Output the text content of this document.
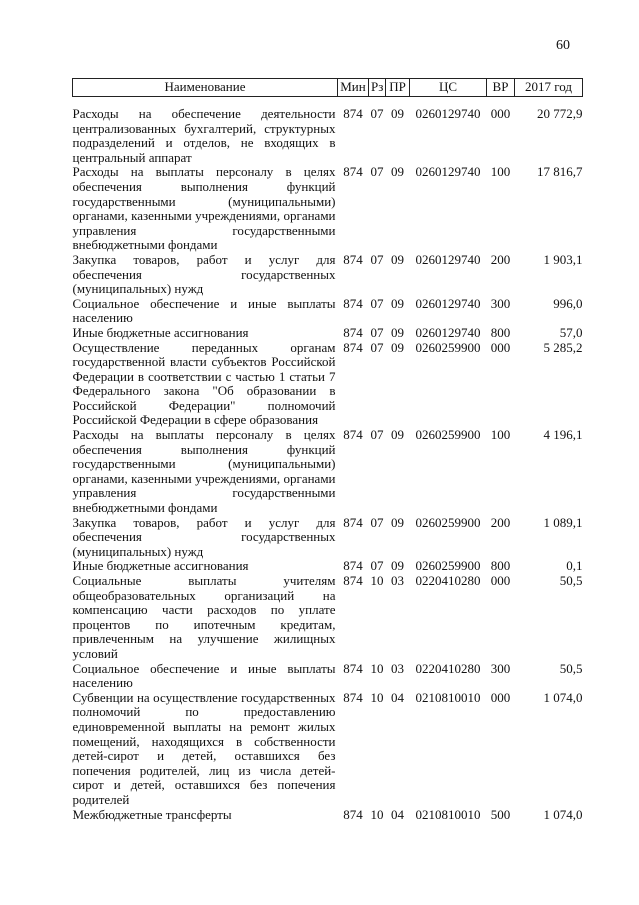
60
Наименование	Мин	Рз	ПР	ЦС	ВР	2017 год
Расходы на обеспечение деятельности централизованных бухгалтерий, структурных подразделений и отделов, не входящих в центральный аппарат	874	07	09	0260129740	000	20 772,9
Расходы на выплаты персоналу в целях обеспечения выполнения функций государственными (муниципальными) органами, казенными учреждениями, органами управления государственными внебюджетными фондами	874	07	09	0260129740	100	17 816,7
Закупка товаров, работ и услуг для обеспечения государственных (муниципальных) нужд	874	07	09	0260129740	200	1 903,1
Социальное обеспечение и иные выплаты населению	874	07	09	0260129740	300	996,0
Иные бюджетные ассигнования	874	07	09	0260129740	800	57,0
Осуществление переданных органам государственной власти субъектов Российской Федерации в соответствии с частью 1 статьи 7 Федерального закона "Об образовании в Российской Федерации" полномочий Российской Федерации в сфере образования	874	07	09	0260259900	000	5 285,2
Расходы на выплаты персоналу в целях обеспечения выполнения функций государственными (муниципальными) органами, казенными учреждениями, органами управления государственными внебюджетными фондами	874	07	09	0260259900	100	4 196,1
Закупка товаров, работ и услуг для обеспечения государственных (муниципальных) нужд	874	07	09	0260259900	200	1 089,1
Иные бюджетные ассигнования	874	07	09	0260259900	800	0,1
Социальные выплаты учителям общеобразовательных организаций на компенсацию части расходов по уплате процентов по ипотечным кредитам, привлеченным на улучшение жилищных условий	874	10	03	0220410280	000	50,5
Социальное обеспечение и иные выплаты населению	874	10	03	0220410280	300	50,5
Субвенции на осуществление государственных полномочий по предоставлению единовременной выплаты на ремонт жилых помещений, находящихся в собственности детей-сирот и детей, оставшихся без попечения родителей, лиц из числа детей-сирот и детей, оставшихся без попечения родителей	874	10	04	0210810010	000	1 074,0
Межбюджетные трансферты	874	10	04	0210810010	500	1 074,0
